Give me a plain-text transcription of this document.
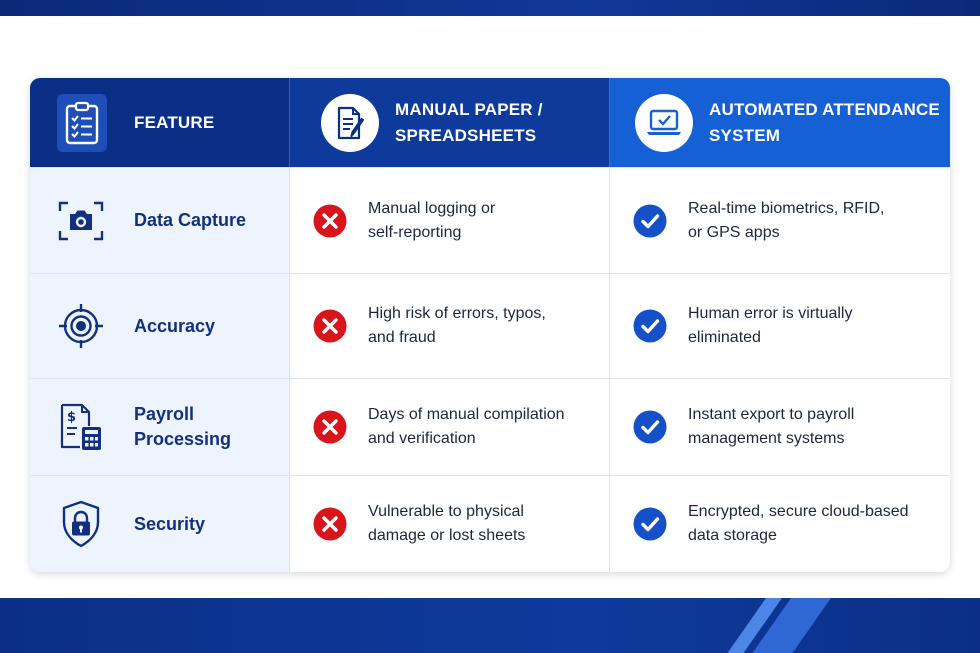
FEATURE
MANUAL PAPER /
SPREADSHEETS
AUTOMATED ATTENDANCE
SYSTEM
Data Capture
Manual logging or
self-reporting
Real-time biometrics, RFID,
or GPS apps
Accuracy
High risk of errors, typos,
and fraud
Human error is virtually
eliminated
$	Payroll
Processing
Days of manual compilation
and verification
Instant export to payroll
management systems
Security
Vulnerable to physical
damage or lost sheets
Encrypted, secure cloud-based
data storage
